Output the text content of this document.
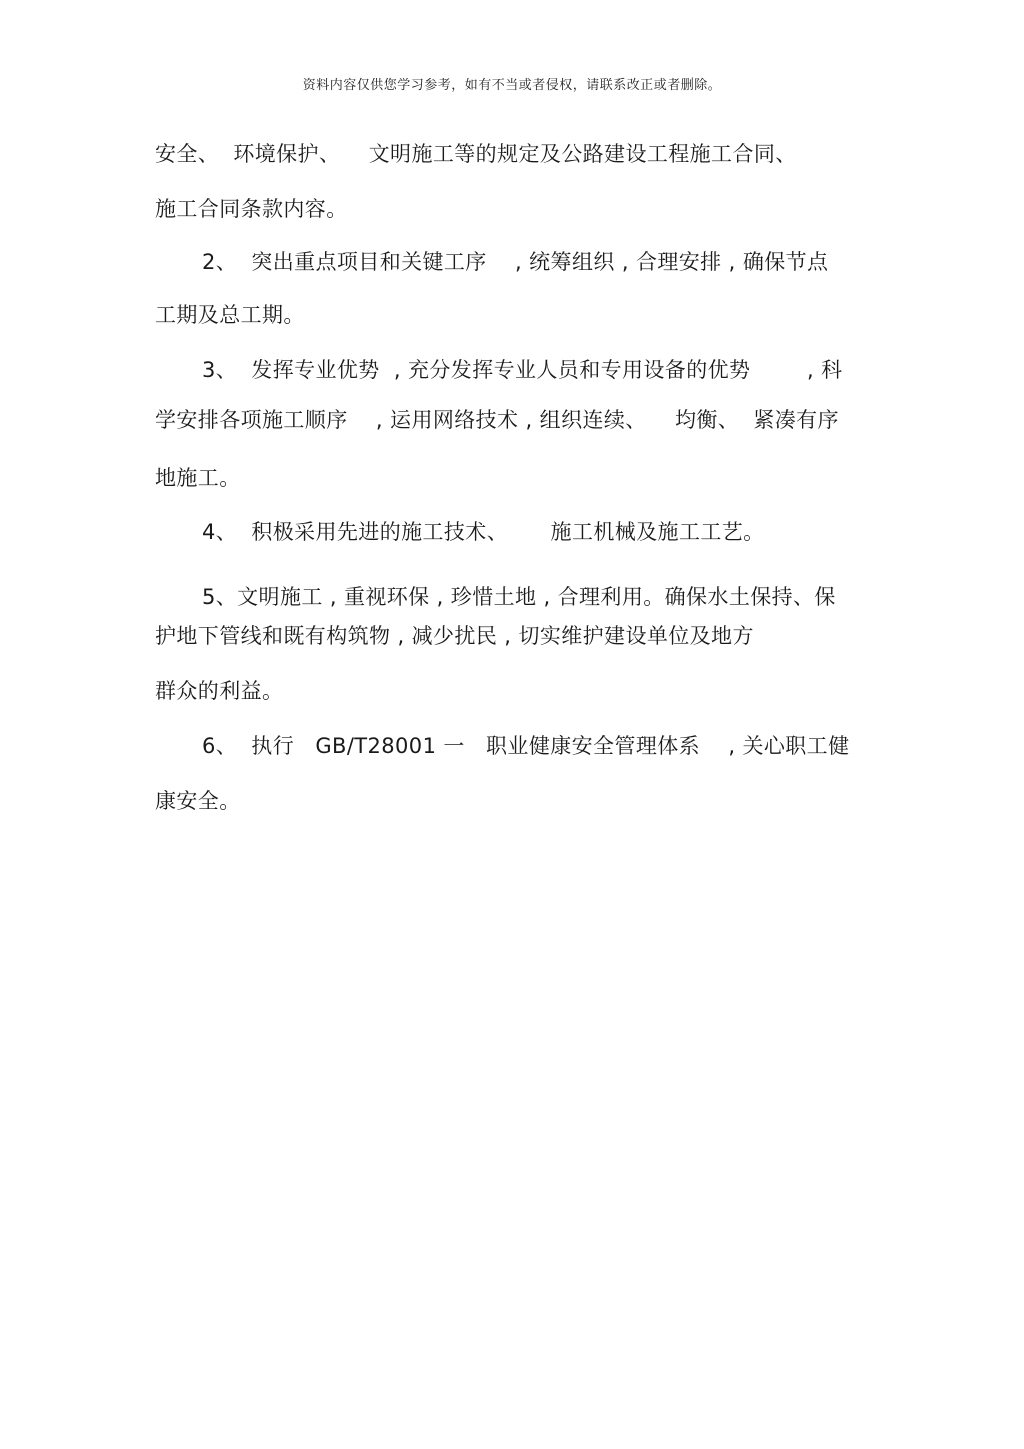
资料内容仅供您学习参考，如有不当或者侵权，请联系改正或者删除。
安全、  环境保护、    文明施工等的规定及公路建设工程施工合同、
施工合同条款内容。
2、  突出重点项目和关键工序    , 统筹组织 , 合理安排 , 确保节点
工期及总工期。
3、  发挥专业优势  , 充分发挥专业人员和专用设备的优势        , 科
学安排各项施工顺序    , 运用网络技术 , 组织连续、    均衡、  紧凑有序
地施工。
4、  积极采用先进的施工技术、      施工机械及施工工艺。
5、文明施工 , 重视环保 , 珍惜土地 , 合理利用。确保水土保持、保
护地下管线和既有构筑物 , 减少扰民 , 切实维护建设单位及地方
群众的利益。
6、  执行   GB/T28001 一   职业健康安全管理体系    , 关心职工健
康安全。
